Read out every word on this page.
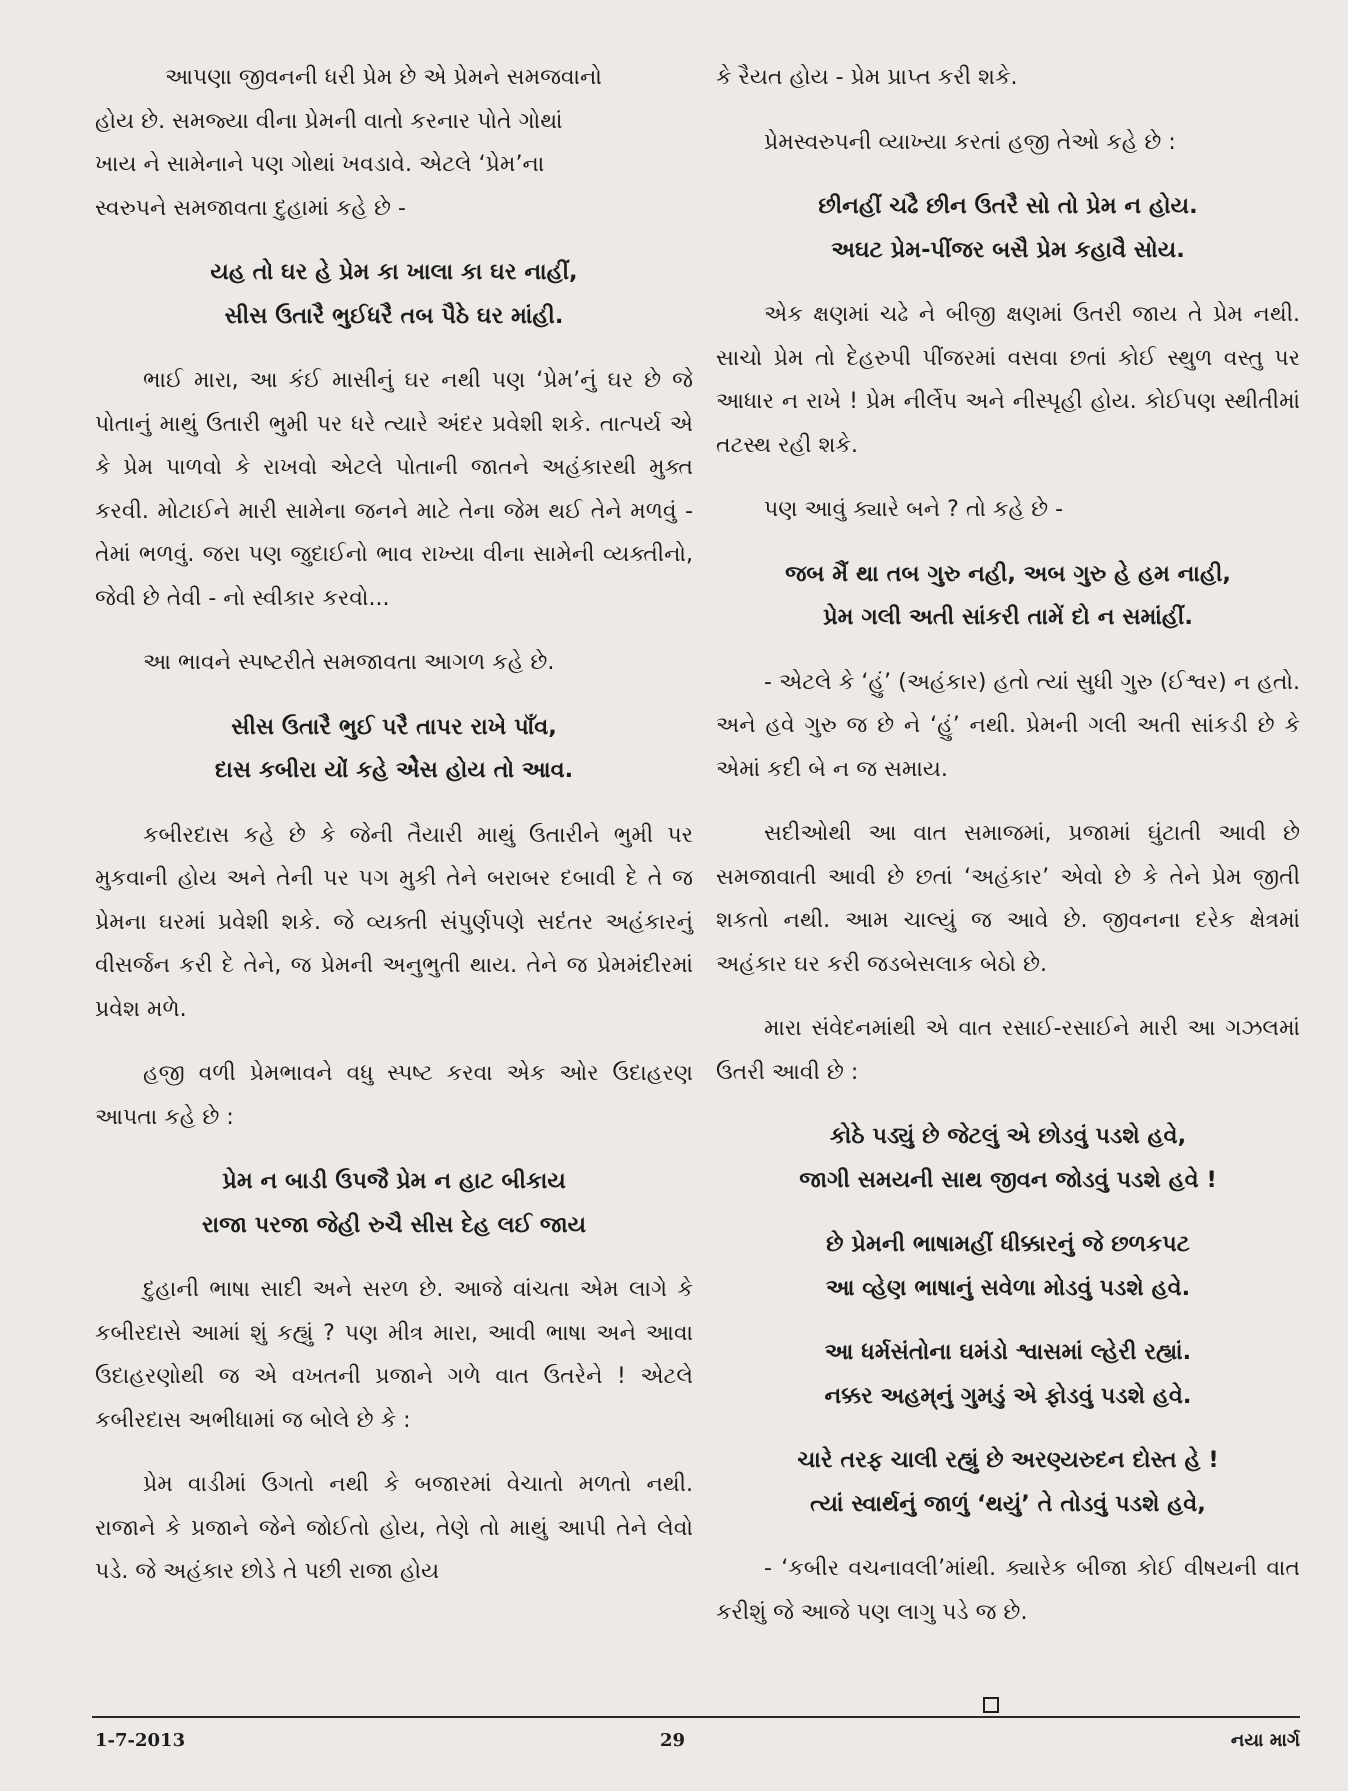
આપણા જીવનની ધરી પ્રેમ છે એ પ્રેમને સમજવાનો
હોય છે. સમજ્યા વીના પ્રેમની વાતો કરનાર પોતે ગોથાં
ખાય ને સામેનાને પણ ગોથાં ખવડાવે. એટલે ‘પ્રેમ’ના
સ્વરુપને સમજાવતા દુહામાં કહે છે -
યહ તો ઘર હે પ્રેમ કા ખાલા કા ઘર નાહીં,
સીસ ઉતારૈ ભુઈધરૈ તબ પૈઠે ઘર માંહી.

ભાઈ મારા, આ કંઈ માસીનું ઘર નથી પણ ‘પ્રેમ’નું ઘર છે જે પોતાનું માથું ઉતારી ભુમી પર ધરે ત્યારે અંદર પ્રવેશી શકે. તાત્પર્ય એ કે પ્રેમ પાળવો કે રાખવો એટલે પોતાની જાતને અહંકારથી મુક્ત કરવી. મોટાઈને મારી સામેના જનને માટે તેના જેમ થઈ તેને મળવું - તેમાં ભળવું. જરા પણ જુદાઈનો ભાવ રાખ્યા વીના સામેની વ્યક્તીનો, જેવી છે તેવી - નો સ્વીકાર કરવો...

આ ભાવને સ્પષ્ટરીતે સમજાવતા આગળ કહે છે.

સીસ ઉતારૈ ભુઈ પરૈ તાપર રાખે પાઁવ,
દાસ કબીરા યોં કહે એેસ હોય તો આવ.

કબીરદાસ કહે છે કે જેની તૈયારી માથું ઉતારીને ભુમી પર મુકવાની હોય અને તેની પર પગ મુકી તેને બરાબર દબાવી દે તે જ પ્રેમના ઘરમાં પ્રવેશી શકે. જે વ્યક્તી સંપુર્ણપણે સદંતર અહંકારનું વીસર્જન કરી દે તેને, જ પ્રેમની અનુભુતી થાય. તેને જ પ્રેમમંદીરમાં પ્રવેશ મળે.

હજી વળી પ્રેમભાવને વધુ સ્પષ્ટ કરવા એક ઓર ઉદાહરણ આપતા કહે છે :

પ્રેમ ન બાડી ઉપજૈ પ્રેમ ન હાટ બીકાય
રાજા પરજા જેહી રુચૈ સીસ દેહ લઈ જાય

દુહાની ભાષા સાદી અને સરળ છે. આજે વાંચતા એમ લાગે કે કબીરદાસે આમાં શું કહ્યું ? પણ મીત્ર મારા, આવી ભાષા અને આવા ઉદાહરણોથી જ એ વખતની પ્રજાને ગળે વાત ઉતરેને ! એટલે કબીરદાસ અભીધામાં જ બોલે છે કે :

પ્રેમ વાડીમાં ઉગતો નથી કે બજારમાં વેચાતો મળતો નથી. રાજાને કે પ્રજાને જેને જોઈતો હોય, તેણે તો માથું આપી તેને લેવો પડે. જે અહંકાર છોડે તે પછી રાજા હોય

કે રૈયત હોય - પ્રેમ પ્રાપ્ત કરી શકે.

પ્રેમસ્વરુપની વ્યાખ્યા કરતાં હજી તેઓ કહે છે :

છીનહીં ચઢૈ છીન ઉતરૈ સો તો પ્રેમ ન હોય.
અઘટ પ્રેમ-પીંજર બસૈ પ્રેમ કહાવૈ સોય.

એક ક્ષણમાં ચઢે ને બીજી ક્ષણમાં ઉતરી જાય તે પ્રેમ નથી. સાચો પ્રેમ તો દેહરુપી પીંજરમાં વસવા છતાં કોઈ સ્થુળ વસ્તુ પર આધાર ન રાખે ! પ્રેમ નીર્લેપ અને નીસ્પૃહી હોય. કોઈપણ સ્થીતીમાં તટસ્થ રહી શકે.

પણ આવું ક્યારે બને ? તો કહે છે -

જબ મૈં થા તબ ગુરુ નહી, અબ ગુરુ હે હમ નાહી,
પ્રેમ ગલી અતી સાંકરી તામેં દો ન સમાંહીં.

- એટલે કે ‘હું’ (અહંકાર) હતો ત્યાં સુધી ગુરુ (ઈશ્વર) ન હતો. અને હવે ગુરુ જ છે ને ‘હું’ નથી. પ્રેમની ગલી અતી સાંકડી છે કે એમાં કદી બે ન જ સમાય.

સદીઓથી આ વાત સમાજમાં, પ્રજામાં ઘુંટાતી આવી છે સમજાવાતી આવી છે છતાં ‘અહંકાર’ એવો છે કે તેને પ્રેમ જીતી શકતો નથી. આમ ચાલ્યું જ આવે છે. જીવનના દરેક ક્ષેત્રમાં અહંકાર ઘર કરી જડબેસલાક બેઠો છે.

મારા સંવેદનમાંથી એ વાત રસાઈ-રસાઈને મારી આ ગઝલમાં ઉતરી આવી છે :

કોઠે પડ્યું છે જેટલું એ છોડવું પડશે હવે,
જાગી સમયની સાથ જીવન જોડવું પડશે હવે !
છે પ્રેમની ભાષામહીં ધીક્કારનું જે છળકપટ
આ વ્હેણ ભાષાનું સવેળા મોડવું પડશે હવે.
આ ધર્મસંતોના ઘમંડો શ્વાસમાં લ્હેરી રહ્યાં.
નક્કર અહમ્‌નું ગુમડું એ ફોડવું પડશે હવે.
ચારે તરફ ચાલી રહ્યું છે અરણ્યરુદન દોસ્ત હે !
ત્યાં સ્વાર્થનું જાળું ‘થયું’ તે તોડવું પડશે હવે,

- ‘કબીર વચનાવલી’માંથી. ક્યારેક બીજા કોઈ વીષયની વાત કરીશું જે આજે પણ લાગુ પડે જ છે.

1-7-2013	29	નયા માર્ગ
